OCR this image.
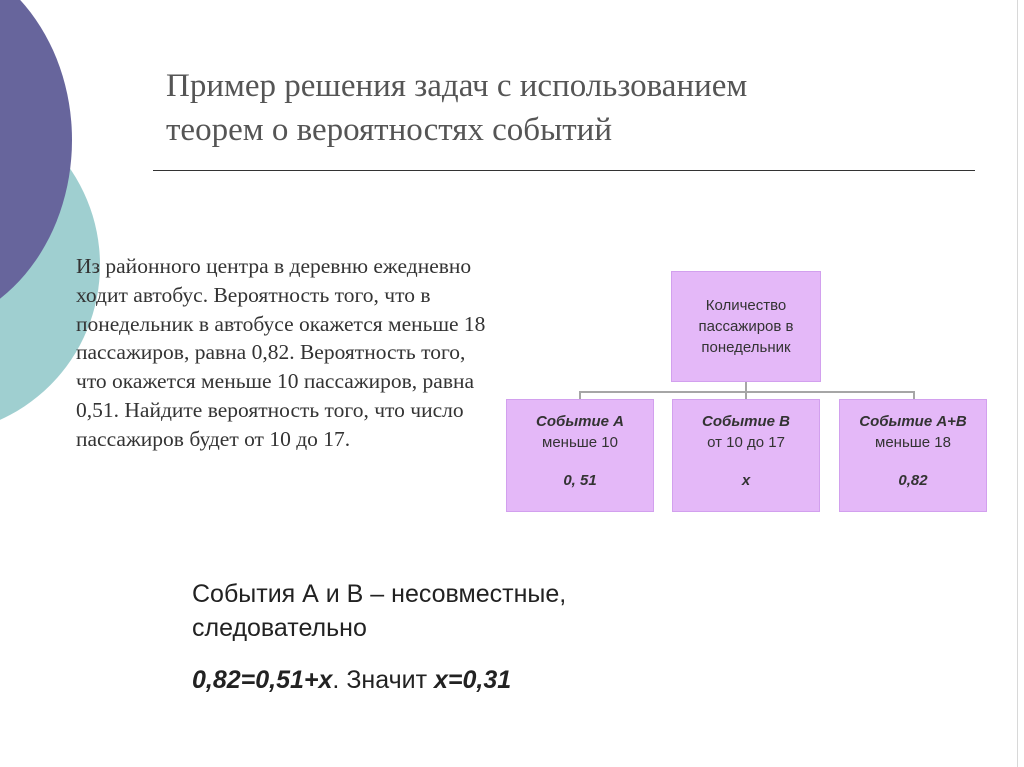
Пример решения задач с использованием
теорем о вероятностях событий

Из районного центра в деревню ежедневно ходит автобус. Вероятность того, что в понедельник в автобусе окажется меньше 18 пассажиров, равна 0,82. Вероятность того, что окажется меньше 10 пассажиров, равна 0,51. Найдите вероятность того, что число пассажиров будет от 10 до 17.

Количество
пассажиров в
понедельник
Событие А
меньше 10
0, 51
Событие В
от 10 до 17
x
Событие А+В
меньше 18
0,82

События А и В – несовместные,
следовательно

0,82=0,51+x. Значит x=0,31
